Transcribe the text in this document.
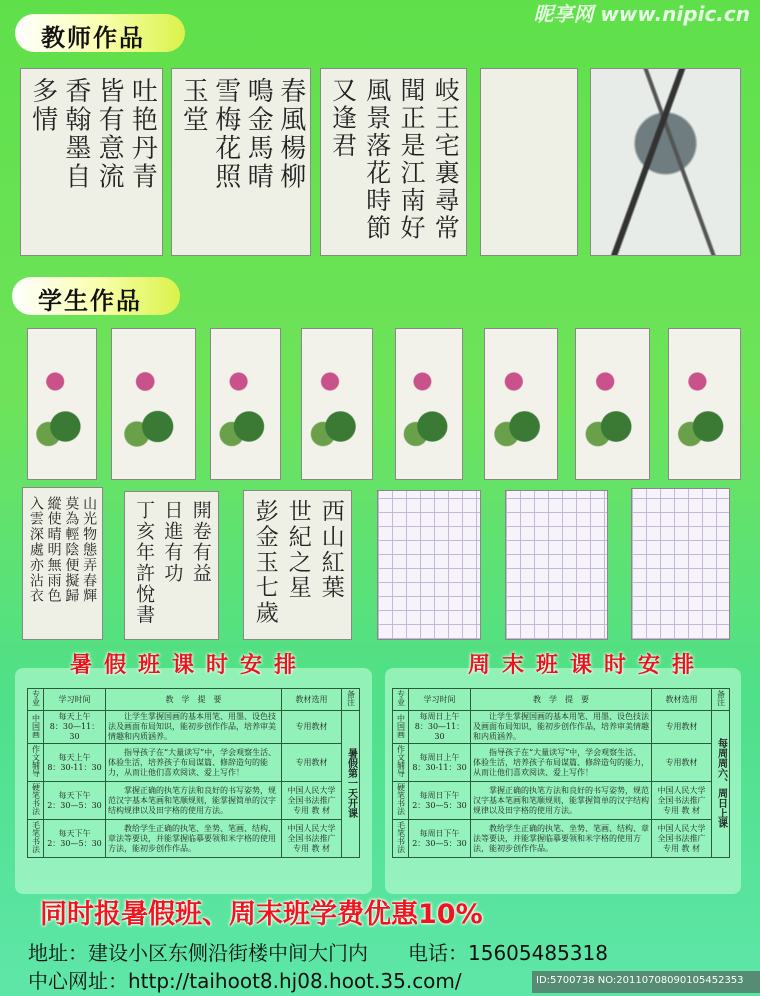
昵享网 www.nipic.cn
教师作品
吐艳丹青
皆有意流
香翰墨自
多情	春風楊柳
鳴金馬晴
雪梅花照
玉堂	岐王宅裏尋常
聞正是江南好
風景落花時節
又逢君
学生作品
山光物態弄春輝
莫為輕陰便擬歸
縱使晴明無雨色
入雲深處亦沾衣	開卷有益
日進有功
丁亥年許悅書	西山紅葉
世紀之星
彭金玉七歲
暑假班课时安排
专业	学习时间	教　学　提　要	教材选用	备注
中国画	每天上午
8：30—11：30	让学生掌握国画的基本用笔、用墨、设色技法及画面布局知识，能初步创作作品，培养审美情趣和内质涵养。	专用教材	暑假第一天开课
作文辅导	每天上午
8：30-11：30	指导孩子在“大量读写”中，学会观察生活、体验生活，培养孩子布局谋篇、修辞造句的能力，从而让他们喜欢阅读、爱上写作！	专用教材	
硬笔书法	每天下午
2：30—5：30	掌握正确的执笔方法和良好的书写姿势，规范汉字基本笔画和笔顺规则，能掌握简单的汉字结构规律以及田字格的使用方法。	中国人民大学 全国书法推广 专用 教 材	
毛笔书法	每天下午
2：30—5：30	教给学生正确的执笔、坐势、笔画、结构、章法等要诀，并能掌握临摹要领和米字格的使用方法，能初步创作作品。	中国人民大学 全国书法推广 专用 教 材	
周末班课时安排
专业	学习时间	教　学　提　要	教材选用	备注
中国画	每周日上午
8：30—11：30	让学生掌握国画的基本用笔、用墨、设色技法及画面布局知识，能初步创作作品，培养审美情趣和内质涵养。	专用教材	每周周六、周日上课
作文辅导	每周日上午
8：30-11：30	指导孩子在“大量读写”中，学会观察生活、体验生活，培养孩子布局谋篇、修辞造句的能力，从而让他们喜欢阅读、爱上写作！	专用教材	
硬笔书法	每周日下午
2：30—5：30	掌握正确的执笔方法和良好的书写姿势，规范汉字基本笔画和笔顺规则，能掌握简单的汉字结构规律以及田字格的使用方法。	中国人民大学 全国书法推广 专用 教 材	
毛笔书法	每周日下午
2：30—5：30	教给学生正确的执笔、坐势、笔画、结构、章法等要诀，并能掌握临摹要领和米字格的使用方法，能初步创作作品。	中国人民大学 全国书法推广 专用 教 材	
同时报暑假班、周末班学费优惠10%
地址：建设小区东侧沿街楼中间大门内 电话：15605485318
中心网址：http://taihoot8.hj08.hoot.35.com/	ID:5700738 NO:20110708090105452353
